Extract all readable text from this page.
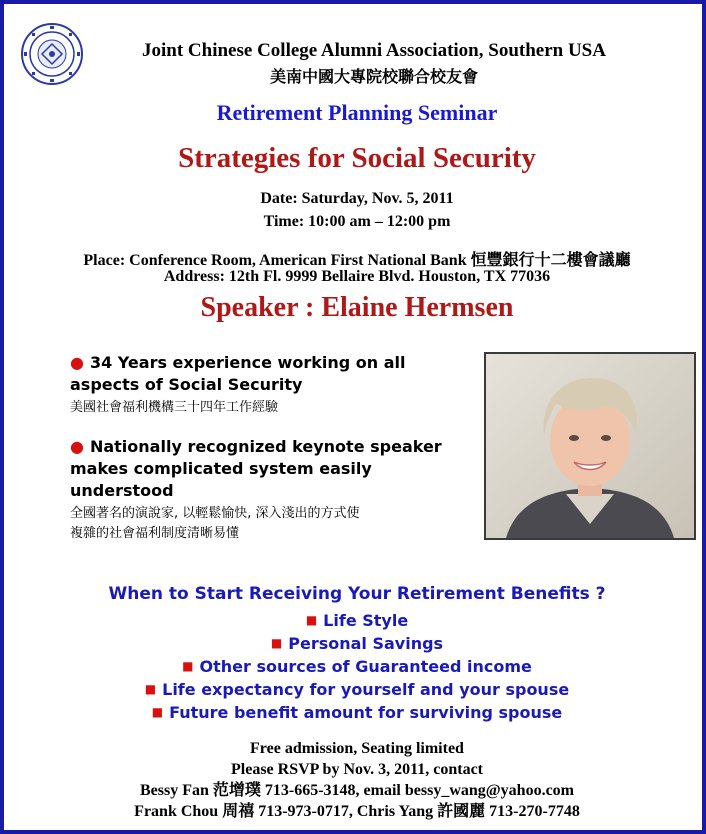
Joint Chinese College Alumni Association, Southern USA
美南中國大專院校聯合校友會
Retirement Planning Seminar
Strategies for Social Security
Date: Saturday, Nov. 5, 2011
Time: 10:00 am – 12:00 pm
Place: Conference Room, American First National Bank 恒豐銀行十二樓會議廳
Address: 12th Fl. 9999 Bellaire Blvd. Houston, TX 77036
Speaker : Elaine Hermsen
● 34 Years experience working on all
aspects of Social Security
美國社會福利機構三十四年工作經驗
● Nationally recognized keynote speaker
makes complicated system easily
understood
全國著名的演說家, 以輕鬆愉快, 深入淺出的方式使
複雜的社會福利制度清晰易懂
When to Start Receiving Your Retirement Benefits ?
■ Life Style
■ Personal Savings
■ Other sources of Guaranteed income
■ Life expectancy for yourself and your spouse
■ Future benefit amount for surviving spouse
Free admission, Seating limited
Please RSVP by Nov. 3, 2011, contact
Bessy Fan 范增璞 713-665-3148, email bessy_wang@yahoo.com
Frank Chou 周禧 713-973-0717, Chris Yang 許國麗 713-270-7748
